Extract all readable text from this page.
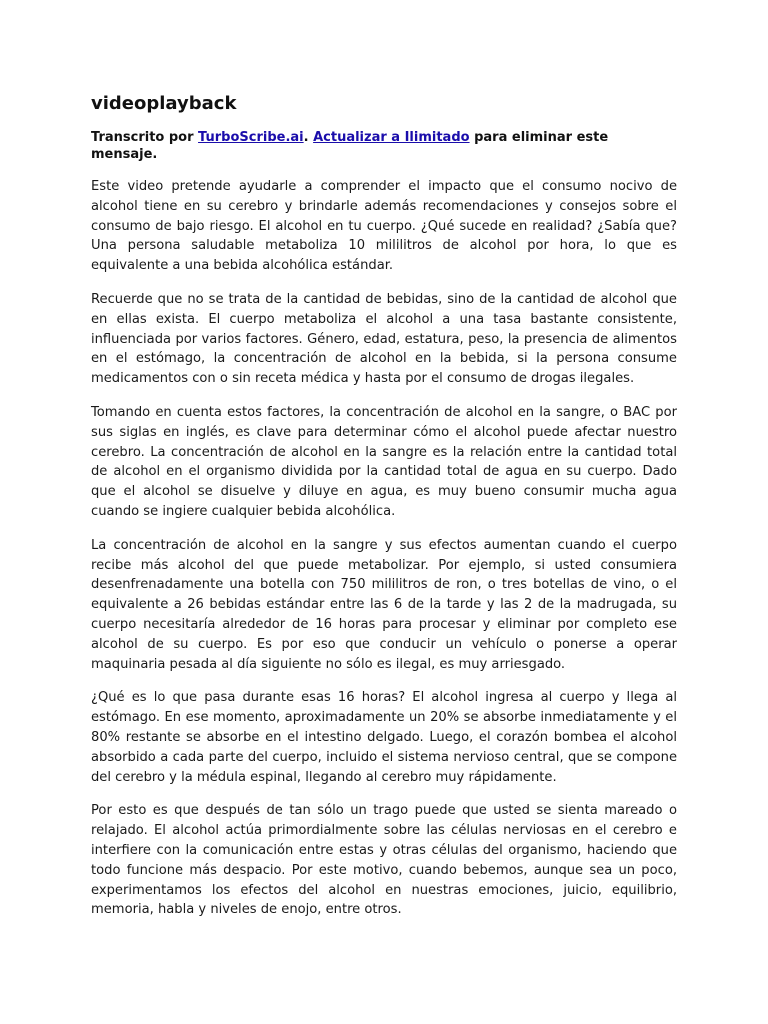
videoplayback

Transcrito por TurboScribe.ai. Actualizar a Ilimitado para eliminar este mensaje.

Este video pretende ayudarle a comprender el impacto que el consumo nocivo de alcohol tiene en su cerebro y brindarle además recomendaciones y consejos sobre el consumo de bajo riesgo. El alcohol en tu cuerpo. ¿Qué sucede en realidad? ¿Sabía que? Una persona saludable metaboliza 10 mililitros de alcohol por hora, lo que es equivalente a una bebida alcohólica estándar.

Recuerde que no se trata de la cantidad de bebidas, sino de la cantidad de alcohol que en ellas exista. El cuerpo metaboliza el alcohol a una tasa bastante consistente, influenciada por varios factores. Género, edad, estatura, peso, la presencia de alimentos en el estómago, la concentración de alcohol en la bebida, si la persona consume medicamentos con o sin receta médica y hasta por el consumo de drogas ilegales.

Tomando en cuenta estos factores, la concentración de alcohol en la sangre, o BAC por sus siglas en inglés, es clave para determinar cómo el alcohol puede afectar nuestro cerebro. La concentración de alcohol en la sangre es la relación entre la cantidad total de alcohol en el organismo dividida por la cantidad total de agua en su cuerpo. Dado que el alcohol se disuelve y diluye en agua, es muy bueno consumir mucha agua cuando se ingiere cualquier bebida alcohólica.

La concentración de alcohol en la sangre y sus efectos aumentan cuando el cuerpo recibe más alcohol del que puede metabolizar. Por ejemplo, si usted consumiera desenfrenadamente una botella con 750 mililitros de ron, o tres botellas de vino, o el equivalente a 26 bebidas estándar entre las 6 de la tarde y las 2 de la madrugada, su cuerpo necesitaría alrededor de 16 horas para procesar y eliminar por completo ese alcohol de su cuerpo. Es por eso que conducir un vehículo o ponerse a operar maquinaria pesada al día siguiente no sólo es ilegal, es muy arriesgado.

¿Qué es lo que pasa durante esas 16 horas? El alcohol ingresa al cuerpo y llega al estómago. En ese momento, aproximadamente un 20% se absorbe inmediatamente y el 80% restante se absorbe en el intestino delgado. Luego, el corazón bombea el alcohol absorbido a cada parte del cuerpo, incluido el sistema nervioso central, que se compone del cerebro y la médula espinal, llegando al cerebro muy rápidamente.

Por esto es que después de tan sólo un trago puede que usted se sienta mareado o relajado. El alcohol actúa primordialmente sobre las células nerviosas en el cerebro e interfiere con la comunicación entre estas y otras células del organismo, haciendo que todo funcione más despacio. Por este motivo, cuando bebemos, aunque sea un poco, experimentamos los efectos del alcohol en nuestras emociones, juicio, equilibrio, memoria, habla y niveles de enojo, entre otros.
